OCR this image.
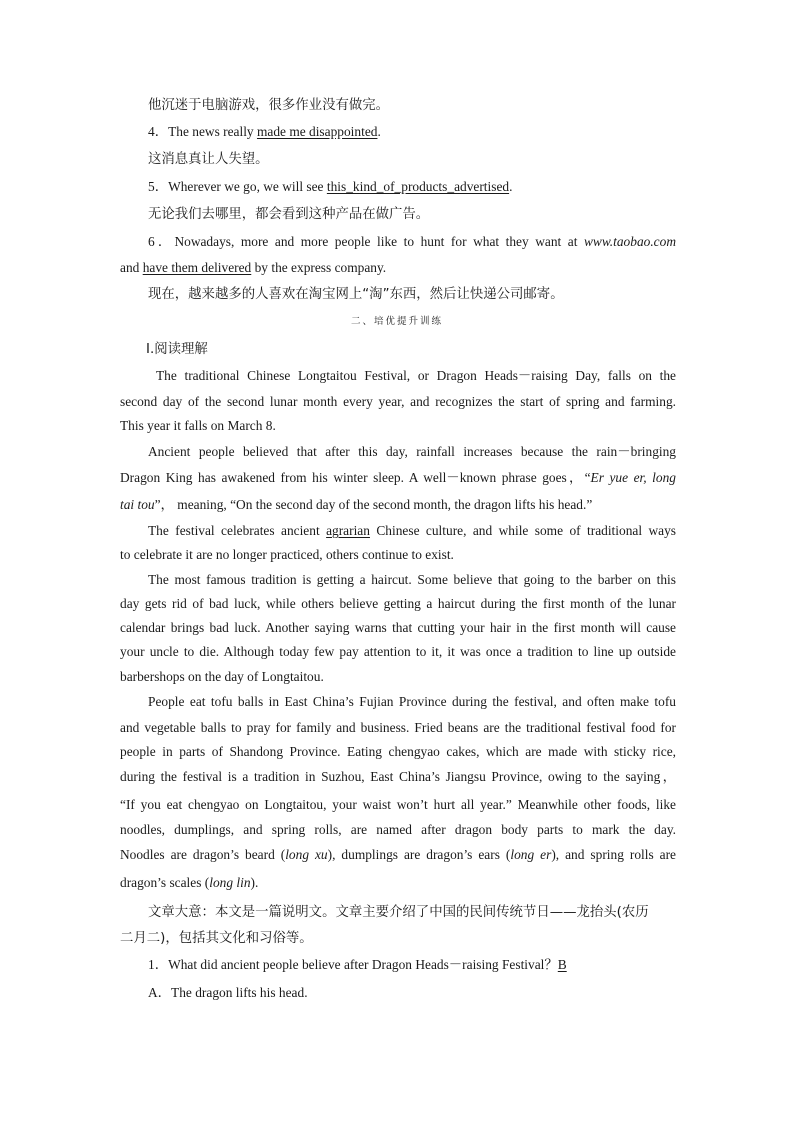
他沉迷于电脑游戏，很多作业没有做完。
4．The news really made me disappointed.
这消息真让人失望。
5．Wherever we go, we will see this_kind_of_products_advertised.
无论我们去哪里，都会看到这种产品在做广告。
6．Nowadays, more and more people like to hunt for what they want at www.taobao.com
and have them delivered by the express company.
现在，越来越多的人喜欢在淘宝网上“淘”东西，然后让快递公司邮寄。
二、培优提升训练
Ⅰ.阅读理解
The traditional Chinese Longtaitou Festival, or Dragon Heads－raising Day, falls on the
second day of the second lunar month every year, and recognizes the start of spring and farming.
This year it falls on March 8.
Ancient people believed that after this day, rainfall increases because the rain－bringing
Dragon King has awakened from his winter sleep. A well－known phrase goes，“Er yue er, long
tai tou”， meaning, “On the second day of the second month, the dragon lifts his head.”
The festival celebrates ancient agrarian Chinese culture, and while some of traditional ways
to celebrate it are no longer practiced, others continue to exist.
The most famous tradition is getting a haircut. Some believe that going to the barber on this
day gets rid of bad luck, while others believe getting a haircut during the first month of the lunar
calendar brings bad luck. Another saying warns that cutting your hair in the first month will cause
your uncle to die. Although today few pay attention to it, it was once a tradition to line up outside
barbershops on the day of Longtaitou.
People eat tofu balls in East China’s Fujian Province during the festival, and often make tofu
and vegetable balls to pray for family and business. Fried beans are the traditional festival food for
people in parts of Shandong Province. Eating chengyao cakes, which are made with sticky rice,
during the festival is a tradition in Suzhou, East China’s Jiangsu Province, owing to the saying，
“If you eat chengyao on Longtaitou, your waist won’t hurt all year.” Meanwhile other foods, like
noodles, dumplings, and spring rolls, are named after dragon body parts to mark the day.
Noodles are dragon’s beard (long xu), dumplings are dragon’s ears (long er), and spring rolls are
dragon’s scales (long lin).
文章大意：本文是一篇说明文。文章主要介绍了中国的民间传统节日——龙抬头(农历
二月二)，包括其文化和习俗等。
1．What did ancient people believe after Dragon Heads－raising Festival？B
A．The dragon lifts his head.
